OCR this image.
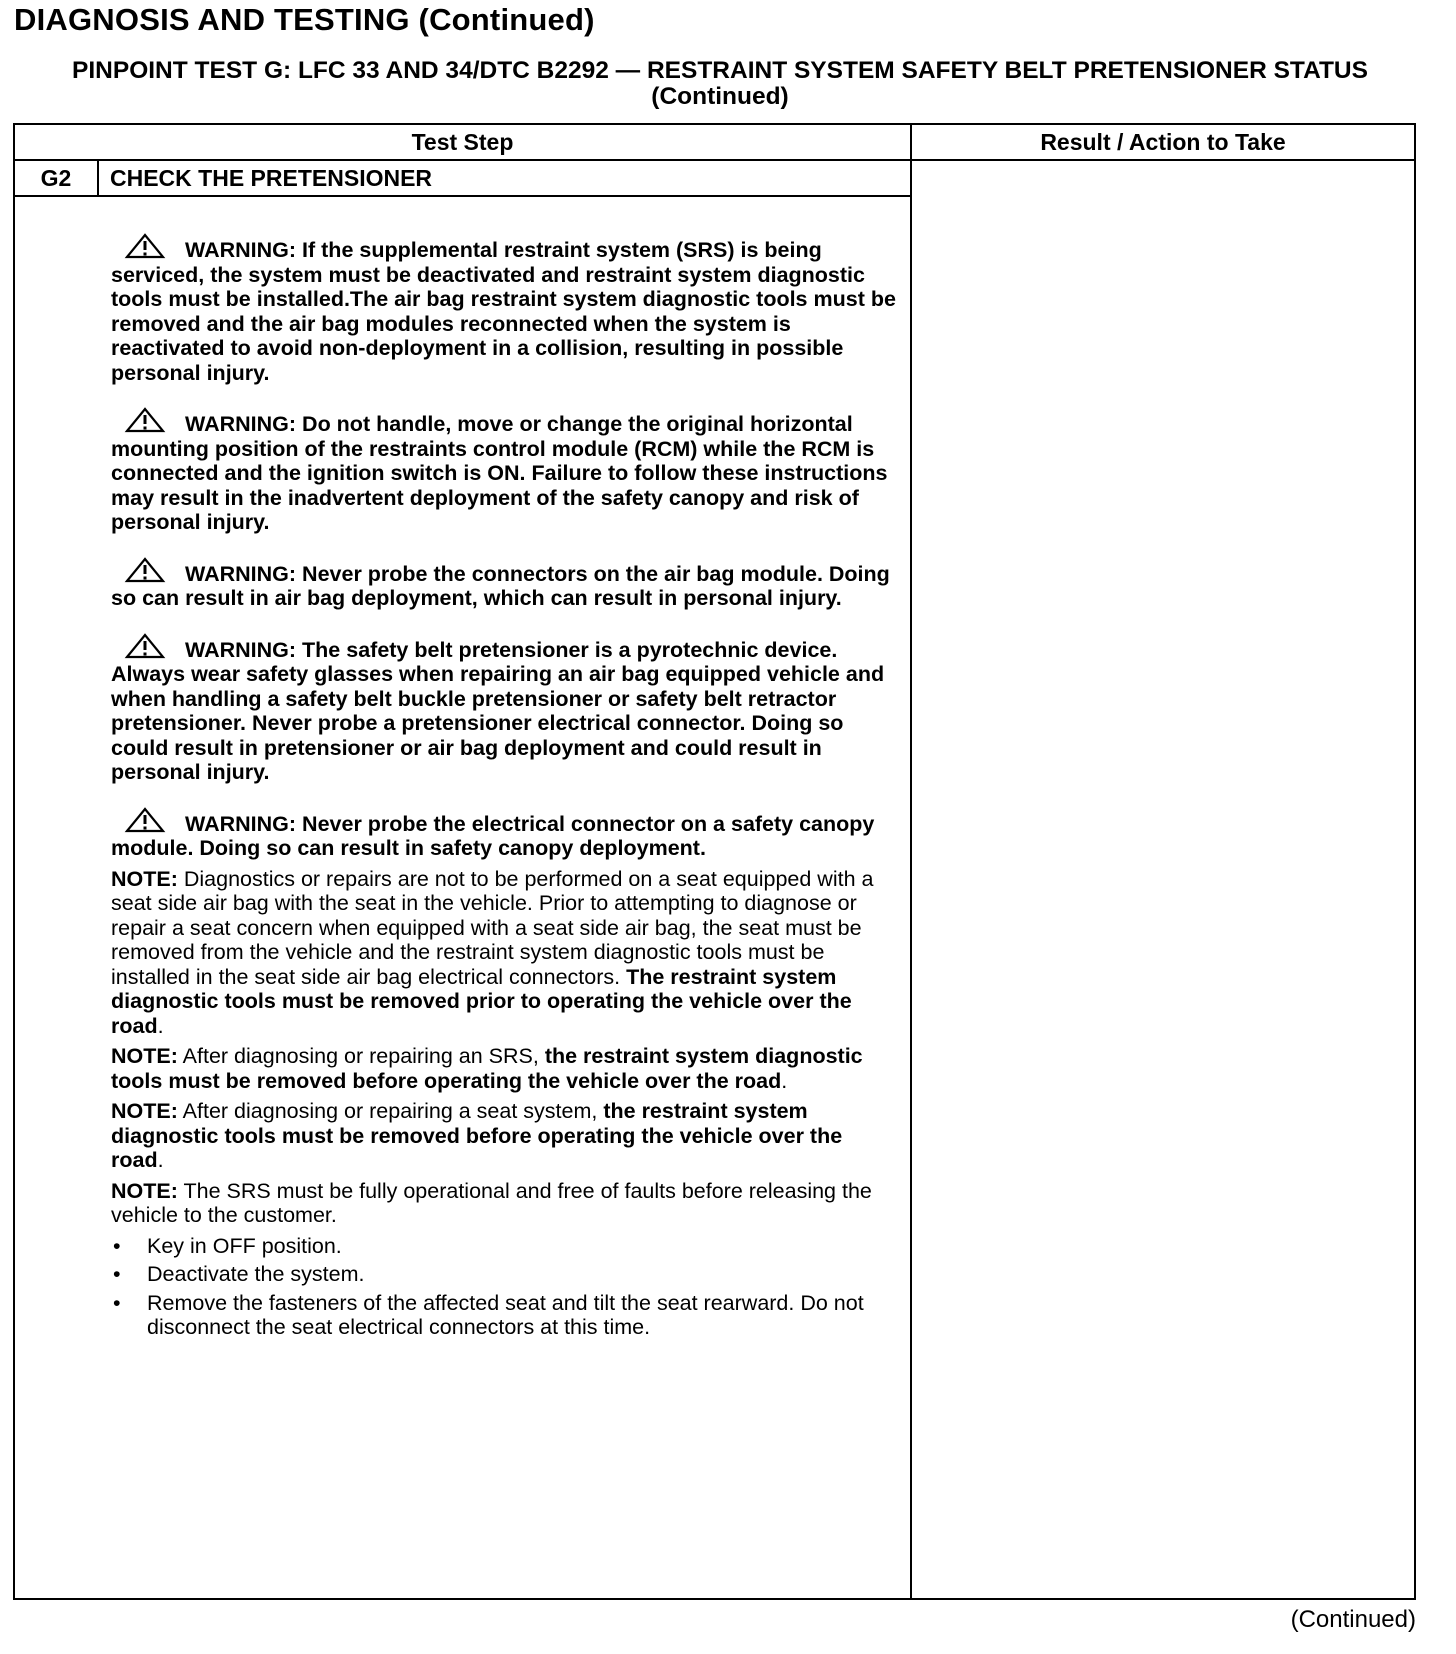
DIAGNOSIS AND TESTING (Continued)
PINPOINT TEST G: LFC 33 AND 34/DTC B2292 — RESTRAINT SYSTEM SAFETY BELT PRETENSIONER STATUS (Continued)
Test Step	Result / Action to Take
G2	CHECK THE PRETENSIONER

WARNING: If the supplemental restraint system (SRS) is being serviced, the system must be deactivated and restraint system diagnostic tools must be installed.The air bag restraint system diagnostic tools must be removed and the air bag modules reconnected when the system is reactivated to avoid non-deployment in a collision, resulting in possible personal injury.

WARNING: Do not handle, move or change the original horizontal mounting position of the restraints control module (RCM) while the RCM is connected and the ignition switch is ON. Failure to follow these instructions may result in the inadvertent deployment of the safety canopy and risk of personal injury.

WARNING: Never probe the connectors on the air bag module. Doing so can result in air bag deployment, which can result in personal injury.

WARNING: The safety belt pretensioner is a pyrotechnic device. Always wear safety glasses when repairing an air bag equipped vehicle and when handling a safety belt buckle pretensioner or safety belt retractor pretensioner. Never probe a pretensioner electrical connector. Doing so could result in pretensioner or air bag deployment and could result in personal injury.

WARNING: Never probe the electrical connector on a safety canopy module. Doing so can result in safety canopy deployment.

NOTE: Diagnostics or repairs are not to be performed on a seat equipped with a seat side air bag with the seat in the vehicle. Prior to attempting to diagnose or repair a seat concern when equipped with a seat side air bag, the seat must be removed from the vehicle and the restraint system diagnostic tools must be installed in the seat side air bag electrical connectors. The restraint system diagnostic tools must be removed prior to operating the vehicle over the road.

NOTE: After diagnosing or repairing an SRS, the restraint system diagnostic tools must be removed before operating the vehicle over the road.

NOTE: After diagnosing or repairing a seat system, the restraint system diagnostic tools must be removed before operating the vehicle over the road.

NOTE: The SRS must be fully operational and free of faults before releasing the vehicle to the customer.

• Key in OFF position.
• Deactivate the system.
• Remove the fasteners of the affected seat and tilt the seat rearward. Do not disconnect the seat electrical connectors at this time.
(Continued)
